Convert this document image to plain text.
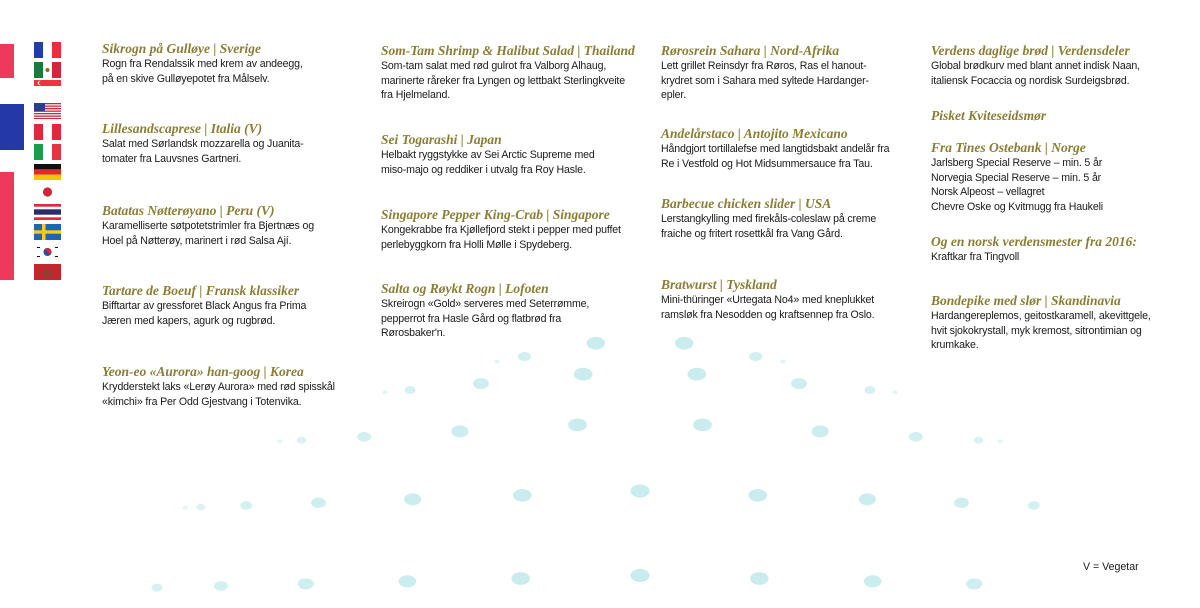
Sikrogn på Gulløye | Sverige
Rogn fra Rendalssik med krem av andeegg,
på en skive Gulløyepotet fra Målselv.
Lillesandscaprese | Italia (V)
Salat med Sørlandsk mozzarella og Juanita-
tomater fra Lauvsnes Gartneri.
Batatas Nøtterøyano | Peru (V)
Karamelliserte søtpotetstrimler fra Bjertnæs og
Hoel på Nøtterøy, marinert i rød Salsa Ají.
Tartare de Boeuf | Fransk klassiker
Bifftartar av gressforet Black Angus fra Prima
Jæren med kapers, agurk og rugbrød.
Yeon-eo «Aurora» han-goog | Korea
Krydderstekt laks «Lerøy Aurora» med rød spisskål
«kimchi» fra Per Odd Gjestvang i Totenvika.
Som-Tam Shrimp & Halibut Salad | Thailand
Som-tam salat med rød gulrot fra Valborg Alhaug,
marinerte råreker fra Lyngen og lettbakt Sterlingkveite
fra Hjelmeland.
Sei Togarashi | Japan
Helbakt ryggstykke av Sei Arctic Supreme med
miso-majo og reddiker i utvalg fra Roy Hasle.
Singapore Pepper King-Crab | Singapore
Kongekrabbe fra Kjøllefjord stekt i pepper med puffet
perlebyggkorn fra Holli Mølle i Spydeberg.
Salta og Røykt Rogn | Lofoten
Skreirogn «Gold» serveres med Seterrømme,
pepperrot fra Hasle Gård og flatbrød fra
Rørosbaker'n.
Rørosrein Sahara | Nord-Afrika
Lett grillet Reinsdyr fra Røros, Ras el hanout-
krydret som i Sahara med syltede Hardanger-
epler.
Andelårstaco | Antojito Mexicano
Håndgjort tortillalefse med langtidsbakt andelår fra
Re i Vestfold og Hot Midsummersauce fra Tau.
Barbecue chicken slider | USA
Lerstangkylling med firekåls-coleslaw på creme
fraiche og fritert rosettkål fra Vang Gård.
Bratwurst | Tyskland
Mini-thüringer «Urtegata No4» med kneplukket
ramsløk fra Nesodden og kraftsennep fra Oslo.
Verdens daglige brød | Verdensdeler
Global brødkurv med blant annet indisk Naan,
italiensk Focaccia og nordisk Surdeigsbrød.
Pisket Kviteseidsmør
Fra Tines Ostebank | Norge
Jarlsberg Special Reserve – min. 5 år
Norvegia Special Reserve – min. 5 år
Norsk Alpeost – vellagret
Chevre Oske og Kvitmugg fra Haukeli
Og en norsk verdensmester fra 2016:
Kraftkar fra Tingvoll
Bondepike med slør | Skandinavia
Hardangereplemos, geitostkaramell, akevittgele,
hvit sjokokrystall, myk kremost, sitrontimian og
krumkake.
V = Vegetar
